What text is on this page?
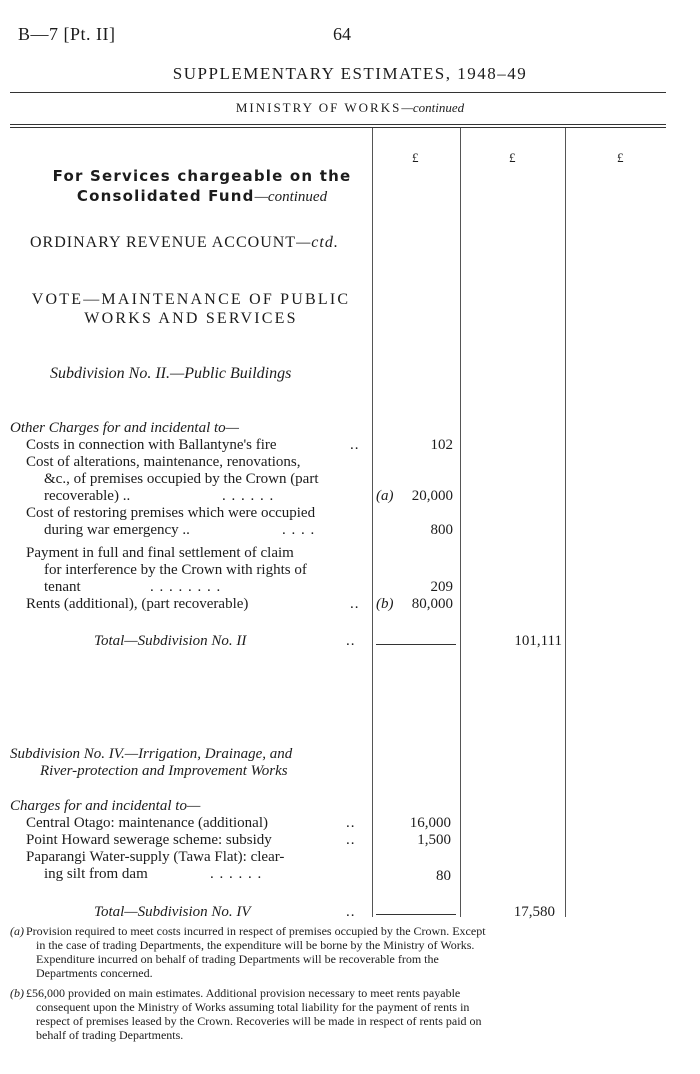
B—7 [Pt. II]	64
SUPPLEMENTARY ESTIMATES, 1948–49
MINISTRY OF WORKS—continued
£	£	£
For Services chargeable on the
Consolidated Fund—continued
ORDINARY REVENUE ACCOUNT—ctd.
VOTE—MAINTENANCE OF PUBLIC
WORKS AND SERVICES
Subdivision No. II.—Public Buildings
Other Charges for and incidental to—
Costs in connection with Ballantyne's fire	..	102
Cost of alterations, maintenance, renovations,
&c., of premises occupied by the Crown (part
recoverable) ..	. . . . . .	(a) 20,000
Cost of restoring premises which were occupied
during war emergency ..	. . . .	800
Payment in full and final settlement of claim
for interference by the Crown with rights of
tenant	. . . . . . . .	209
Rents (additional), (part recoverable)	.. (b) 80,000
Total—Subdivision No. II	..	101,111
Subdivision No. IV.—Irrigation, Drainage, and
River-protection and Improvement Works
Charges for and incidental to—
Central Otago: maintenance (additional)	..	16,000
Point Howard sewerage scheme: subsidy	..	1,500
Paparangi Water-supply (Tawa Flat): clear-
ing silt from dam	. . . . . .	80
Total—Subdivision No. IV	..	17,580
(a) Provision required to meet costs incurred in respect of premises occupied by the Crown. Except
in the case of trading Departments, the expenditure will be borne by the Ministry of Works.
Expenditure incurred on behalf of trading Departments will be recoverable from the
Departments concerned.
(b) £56,000 provided on main estimates. Additional provision necessary to meet rents payable
consequent upon the Ministry of Works assuming total liability for the payment of rents in
respect of premises leased by the Crown. Recoveries will be made in respect of rents paid on
behalf of trading Departments.
